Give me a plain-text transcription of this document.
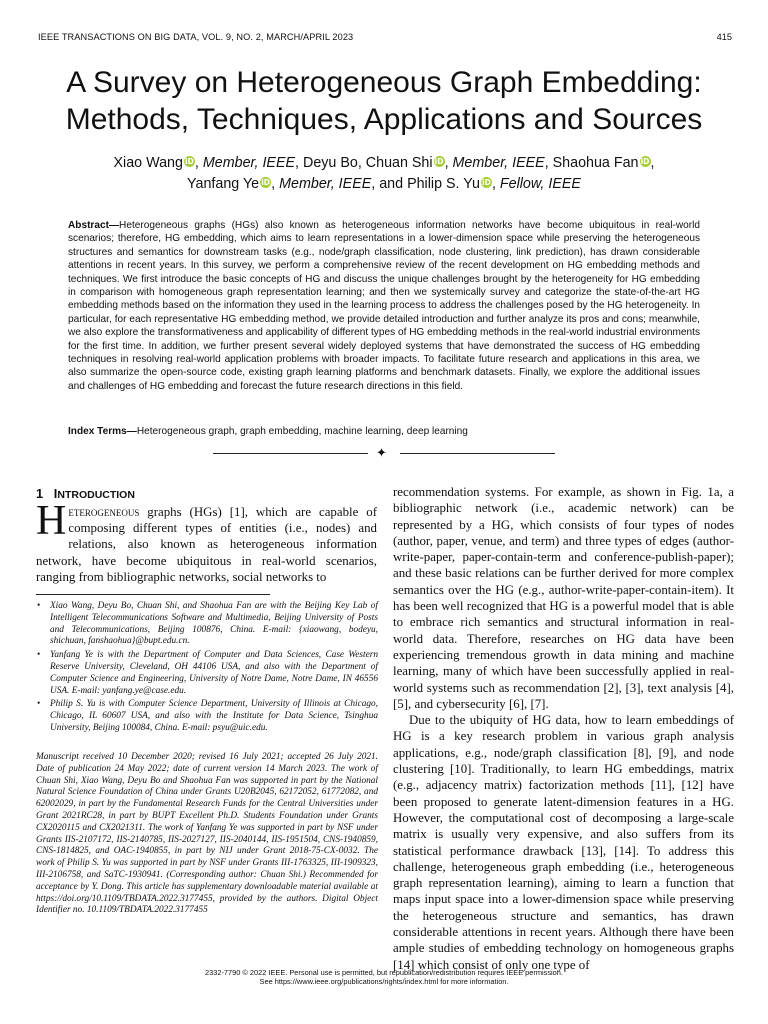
IEEE TRANSACTIONS ON BIG DATA, VOL. 9, NO. 2, MARCH/APRIL 2023	415
A Survey on Heterogeneous Graph Embedding: Methods, Techniques, Applications and Sources
Xiao Wang iD, Member, IEEE, Deyu Bo, Chuan Shi iD, Member, IEEE, Shaohua Fan iD,
Yanfang Ye iD, Member, IEEE, and Philip S. Yu iD, Fellow, IEEE

Abstract—Heterogeneous graphs (HGs) also known as heterogeneous information networks have become ubiquitous in real-world scenarios; therefore, HG embedding, which aims to learn representations in a lower-dimension space while preserving the heterogeneous structures and semantics for downstream tasks (e.g., node/graph classification, node clustering, link prediction), has drawn considerable attentions in recent years. In this survey, we perform a comprehensive review of the recent development on HG embedding methods and techniques. We first introduce the basic concepts of HG and discuss the unique challenges brought by the heterogeneity for HG embedding in comparison with homogeneous graph representation learning; and then we systemically survey and categorize the state-of-the-art HG embedding methods based on the information they used in the learning process to address the challenges posed by the HG heterogeneity. In particular, for each representative HG embedding method, we provide detailed introduction and further analyze its pros and cons; meanwhile, we also explore the transformativeness and applicability of different types of HG embedding methods in the real-world industrial environments for the first time. In addition, we further present several widely deployed systems that have demonstrated the success of HG embedding techniques in resolving real-world application problems with broader impacts. To facilitate future research and applications in this area, we also summarize the open-source code, existing graph learning platforms and benchmark datasets. Finally, we explore the additional issues and challenges of HG embedding and forecast the future research directions in this field.

Index Terms—Heterogeneous graph, graph embedding, machine learning, deep learning

✦
1 INTRODUCTION

Heterogeneous graphs (HGs) [1], which are capable of composing different types of entities (i.e., nodes) and relations, also known as heterogeneous information network, have become ubiquitous in real-world scenarios, ranging from bibliographic networks, social networks to

• Xiao Wang, Deyu Bo, Chuan Shi, and Shaohua Fan are with the Beijing Key Lab of Intelligent Telecommunications Software and Multimedia, Beijing University of Posts and Telecommunications, Beijing 100876, China. E-mail: {xiaowang, bodeyu, shichuan, fanshaohua}@bupt.edu.cn.
• Yanfang Ye is with the Department of Computer and Data Sciences, Case Western Reserve University, Cleveland, OH 44106 USA, and also with the Department of Computer Science and Engineering, University of Notre Dame, Notre Dame, IN 46556 USA. E-mail: yanfang.ye@case.edu.
• Philip S. Yu is with Computer Science Department, University of Illinois at Chicago, Chicago, IL 60607 USA, and also with the Institute for Data Science, Tsinghua University, Beijing 100084, China. E-mail: psyu@uic.edu.

Manuscript received 10 December 2020; revised 16 July 2021; accepted 26 July 2021. Date of publication 24 May 2022; date of current version 14 March 2023. The work of Chuan Shi, Xiao Wang, Deyu Bo and Shaohua Fan was supported in part by the National Natural Science Foundation of China under Grants U20B2045, 62172052, 61772082, and 62002029, in part by the Fundamental Research Funds for the Central Universities under Grant 2021RC28, in part by BUPT Excellent Ph.D. Students Foundation under Grants CX2020115 and CX2021311. The work of Yanfang Ye was supported in part by NSF under Grants IIS-2107172, IIS-2140785, IIS-2027127, IIS-2040144, IIS-1951504, CNS-1940859, CNS-1814825, and OAC-1940855, in part by NIJ under Grant 2018-75-CX-0032. The work of Philip S. Yu was supported in part by NSF under Grants III-1763325, III-1909323, III-2106758, and SaTC-1930941. (Corresponding author: Chuan Shi.) Recommended for acceptance by Y. Dong. This article has supplementary downloadable material available at https://doi.org/10.1109/TBDATA.2022.3177455, provided by the authors. Digital Object Identifier no. 10.1109/TBDATA.2022.3177455

recommendation systems. For example, as shown in Fig. 1a, a bibliographic network (i.e., academic network) can be represented by a HG, which consists of four types of nodes (author, paper, venue, and term) and three types of edges (author-write-paper, paper-contain-term and conference-publish-paper); and these basic relations can be further derived for more complex semantics over the HG (e.g., author-write-paper-contain-item). It has been well recognized that HG is a powerful model that is able to embrace rich semantics and structural information in real-world data. Therefore, researches on HG data have been experiencing tremendous growth in data mining and machine learning, many of which have been successfully applied in real-world systems such as recommendation [2], [3], text analysis [4], [5], and cybersecurity [6], [7].

Due to the ubiquity of HG data, how to learn embeddings of HG is a key research problem in various graph analysis applications, e.g., node/graph classification [8], [9], and node clustering [10]. Traditionally, to learn HG embeddings, matrix (e.g., adjacency matrix) factorization methods [11], [12] have been proposed to generate latent-dimension features in a HG. However, the computational cost of decomposing a large-scale matrix is usually very expensive, and also suffers from its statistical performance drawback [13], [14]. To address this challenge, heterogeneous graph embedding (i.e., heterogeneous graph representation learning), aiming to learn a function that maps input space into a lower-dimension space while preserving the heterogeneous structure and semantics, has drawn considerable attentions in recent years. Although there have been ample studies of embedding technology on homogeneous graphs [14] which consist of only one type of

2332-7790 © 2022 IEEE. Personal use is permitted, but republication/redistribution requires IEEE permission.
See https://www.ieee.org/publications/rights/index.html for more information.
